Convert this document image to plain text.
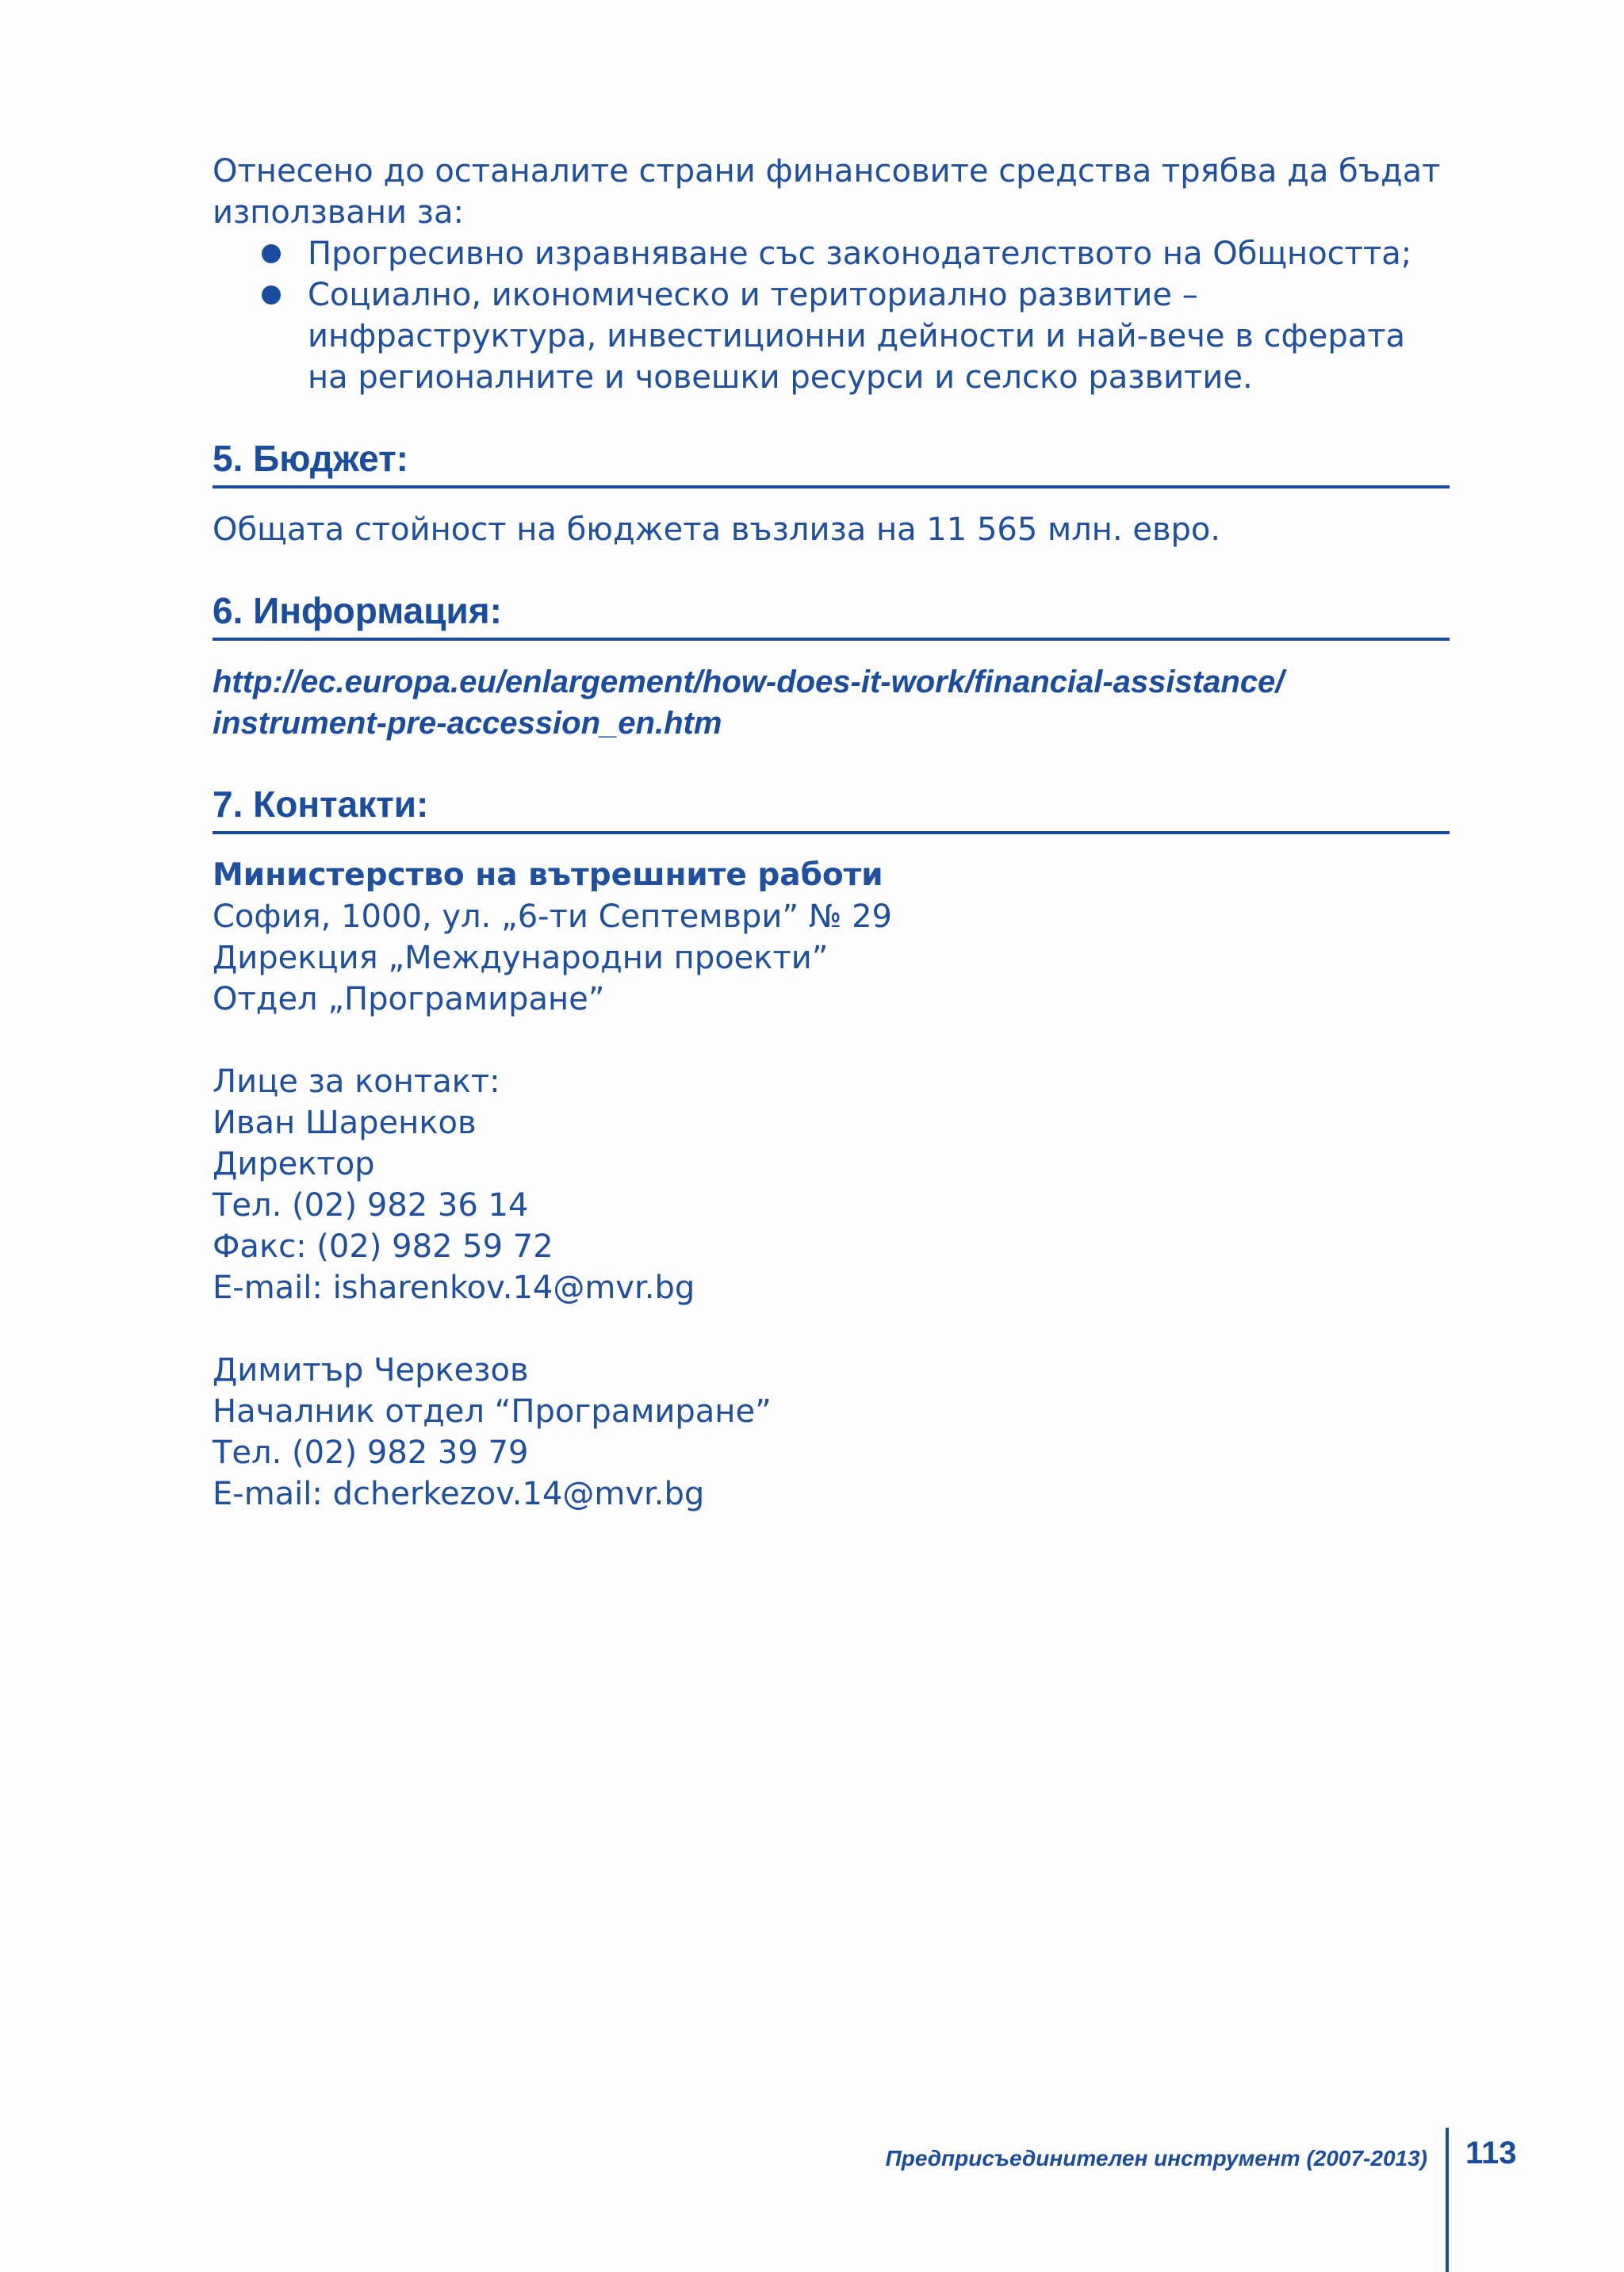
Отнесено до останалите страни финансовите средства трябва да бъдат използвани за:

Прогресивно изравняване със законодателството на Общността;
Социално, икономическо и териториално развитие – инфраструктура, инвестиционни дейности и най-вече в сферата на регионалните и човешки ресурси и селско развитие.
5. Бюджет:

Общата стойност на бюджета възлиза на 11 565 млн. евро.

6. Информация:
http://ec.europa.eu/enlargement/how-does-it-work/financial-assistance/
instrument-pre-accession_en.htm
7. Контакти:
Министерство на вътрешните работи
София, 1000, ул. „6-ти Септември” № 29
Дирекция „Международни проекти”
Отдел „Програмиране”
Лице за контакт:
Иван Шаренков
Директор
Тел. (02) 982 36 14
Факс: (02) 982 59 72
E-mail: isharenkov.14@mvr.bg
Димитър Черкезов
Началник отдел “Програмиране”
Тел. (02) 982 39 79
E-mail: dcherkezov.14@mvr.bg
Предприсъединителен инструмент (2007-2013) 113
